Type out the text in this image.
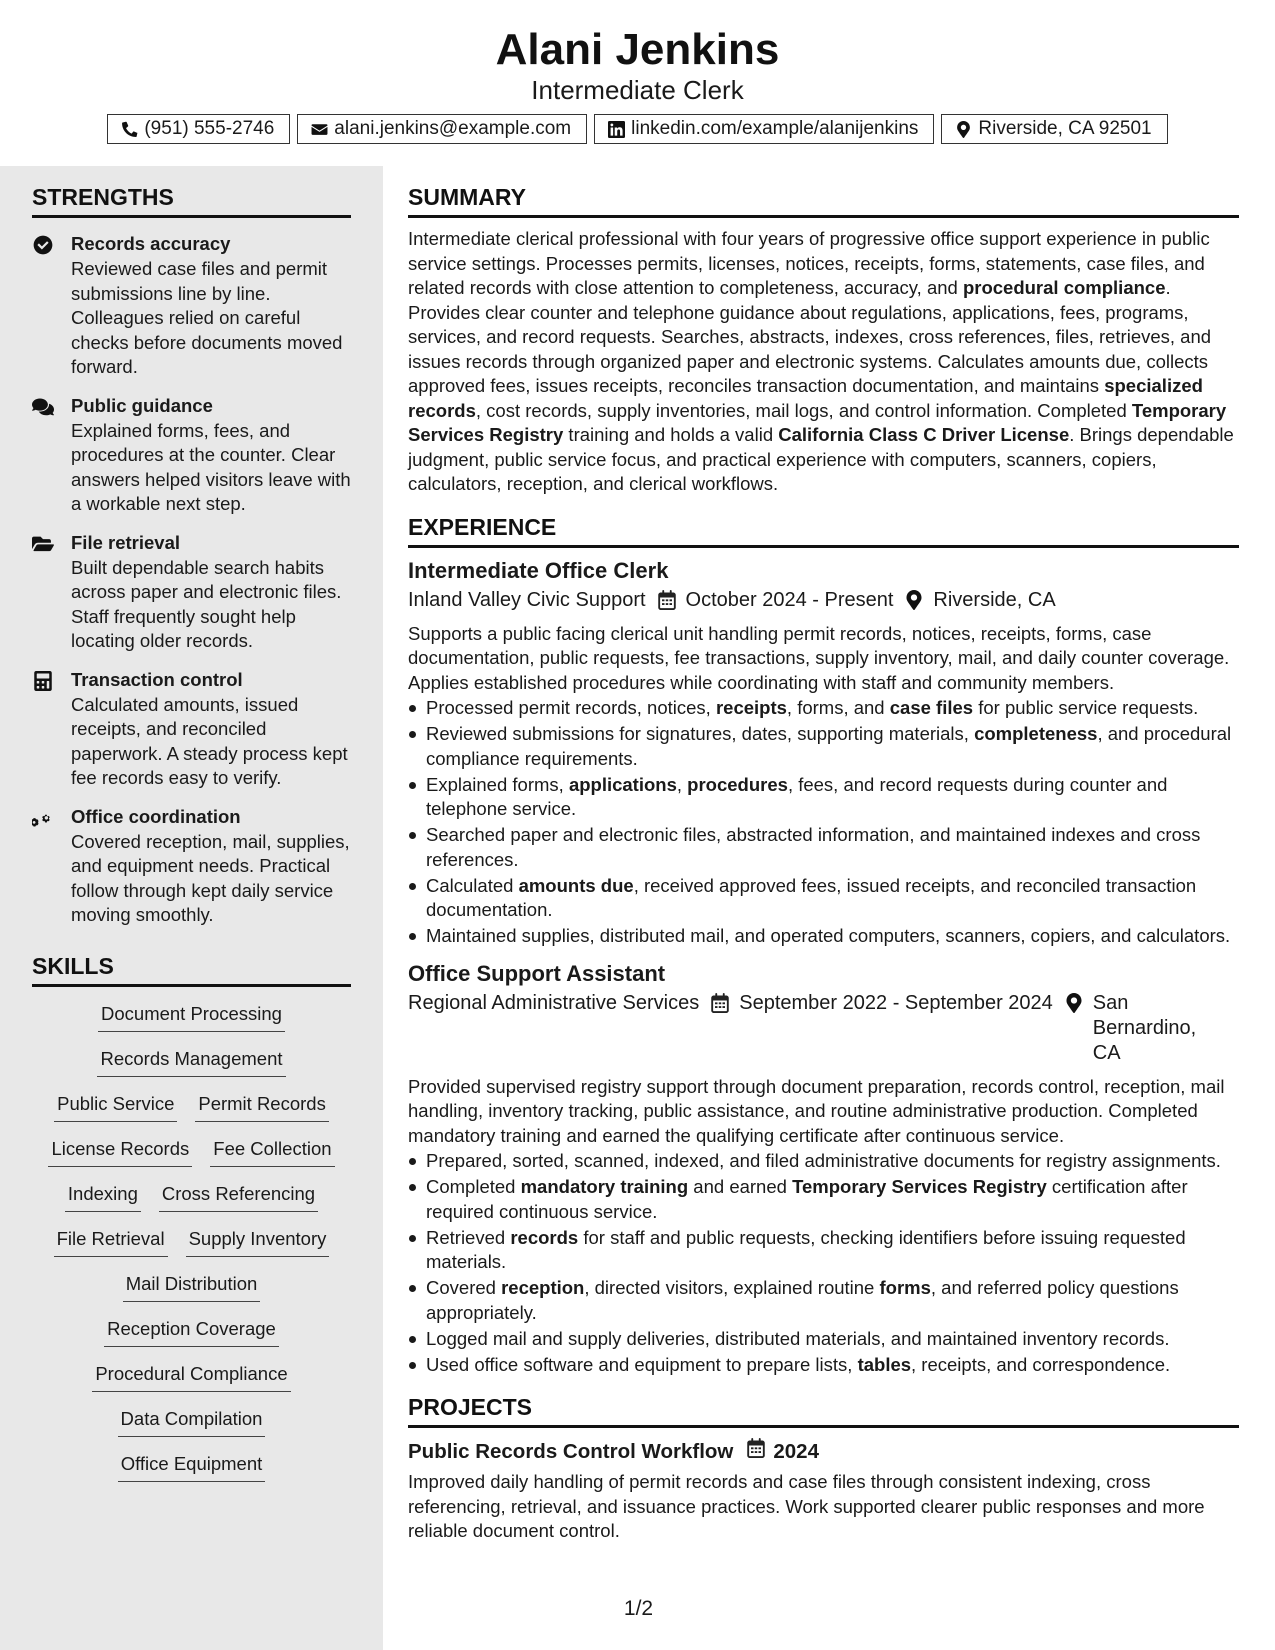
Alani Jenkins
Intermediate Clerk
(951) 555-2746	alani.jenkins@example.com	linkedin.com/example/alanijenkins	Riverside, CA 92501
STRENGTHS
Records accuracy
Reviewed case files and permit submissions line by line. Colleagues relied on careful checks before documents moved forward.
Public guidance
Explained forms, fees, and procedures at the counter. Clear answers helped visitors leave with a workable next step.
File retrieval
Built dependable search habits across paper and electronic files. Staff frequently sought help locating older records.
Transaction control
Calculated amounts, issued receipts, and reconciled paperwork. A steady process kept fee records easy to verify.
Office coordination
Covered reception, mail, supplies, and equipment needs. Practical follow through kept daily service moving smoothly.
SKILLS
Document Processing
Records Management
Public Service Permit Records
License Records Fee Collection
Indexing Cross Referencing
File Retrieval Supply Inventory
Mail Distribution
Reception Coverage
Procedural Compliance
Data Compilation
Office Equipment
SUMMARY

Intermediate clerical professional with four years of progressive office support experience in public service settings. Processes permits, licenses, notices, receipts, forms, statements, case files, and related records with close attention to completeness, accuracy, and procedural compliance. Provides clear counter and telephone guidance about regulations, applications, fees, programs, services, and record requests. Searches, abstracts, indexes, cross references, files, retrieves, and issues records through organized paper and electronic systems. Calculates amounts due, collects approved fees, issues receipts, reconciles transaction documentation, and maintains specialized records, cost records, supply inventories, mail logs, and control information. Completed Temporary Services Registry training and holds a valid California Class C Driver License. Brings dependable judgment, public service focus, and practical experience with computers, scanners, copiers, calculators, reception, and clerical workflows.

EXPERIENCE
Intermediate Office Clerk
Inland Valley Civic Support October 2024 - Present Riverside, CA

Supports a public facing clerical unit handling permit records, notices, receipts, forms, case documentation, public requests, fee transactions, supply inventory, mail, and daily counter coverage. Applies established procedures while coordinating with staff and community members.

Processed permit records, notices, receipts, forms, and case files for public service requests.
Reviewed submissions for signatures, dates, supporting materials, completeness, and procedural compliance requirements.
Explained forms, applications, procedures, fees, and record requests during counter and telephone service.
Searched paper and electronic files, abstracted information, and maintained indexes and cross references.
Calculated amounts due, received approved fees, issued receipts, and reconciled transaction documentation.
Maintained supplies, distributed mail, and operated computers, scanners, copiers, and calculators.
Office Support Assistant
Regional Administrative Services September 2022 - September 2024 San Bernardino, CA

Provided supervised registry support through document preparation, records control, reception, mail handling, inventory tracking, public assistance, and routine administrative production. Completed mandatory training and earned the qualifying certificate after continuous service.

Prepared, sorted, scanned, indexed, and filed administrative documents for registry assignments.
Completed mandatory training and earned Temporary Services Registry certification after required continuous service.
Retrieved records for staff and public requests, checking identifiers before issuing requested materials.
Covered reception, directed visitors, explained routine forms, and referred policy questions appropriately.
Logged mail and supply deliveries, distributed materials, and maintained inventory records.
Used office software and equipment to prepare lists, tables, receipts, and correspondence.
PROJECTS
Public Records Control Workflow 2024

Improved daily handling of permit records and case files through consistent indexing, cross referencing, retrieval, and issuance practices. Work supported clearer public responses and more reliable document control.

1/2
